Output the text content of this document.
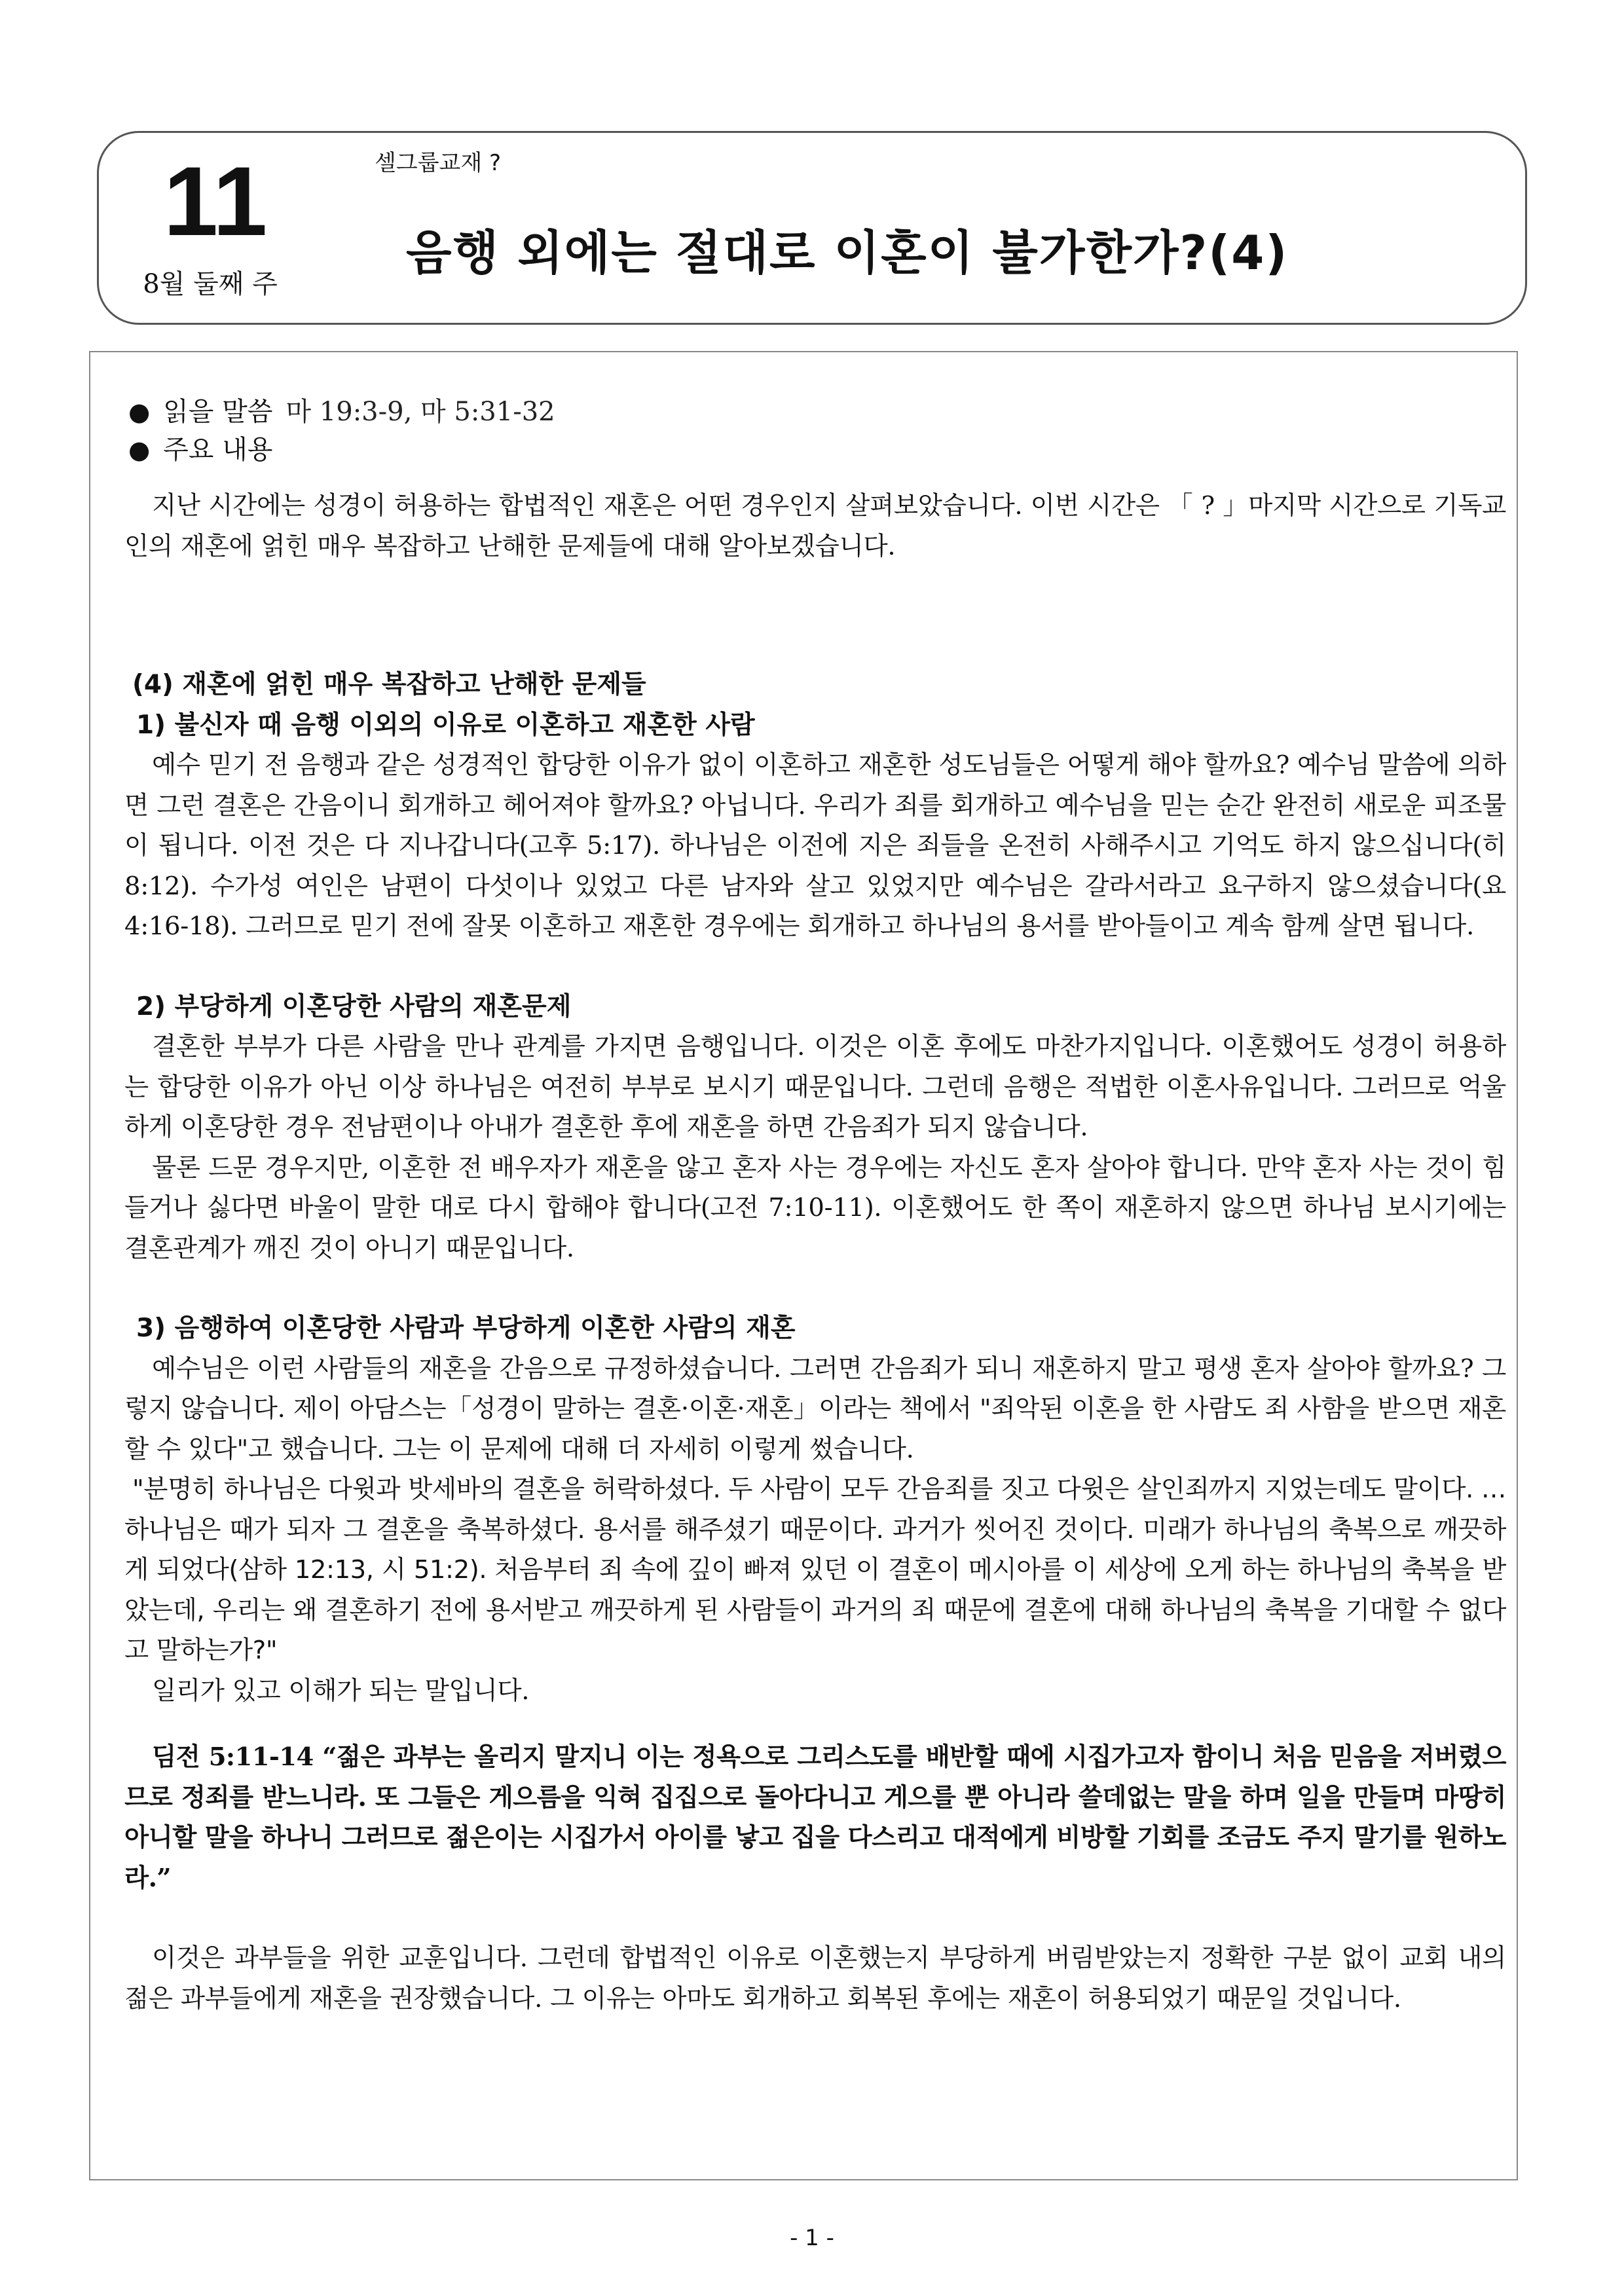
11
8월 둘째 주
셀그룹교재 ?
음행 외에는 절대로 이혼이 불가한가?(4)
● 읽을 말씀 마 19:3-9, 마 5:31-32
● 주요 내용

지난 시간에는 성경이 허용하는 합법적인 재혼은 어떤 경우인지 살펴보았습니다. 이번 시간은 「 ? 」마지막 시간으로 기독교인의 재혼에 얽힌 매우 복잡하고 난해한 문제들에 대해 알아보겠습니다.

(4) 재혼에 얽힌 매우 복잡하고 난해한 문제들

1) 불신자 때 음행 이외의 이유로 이혼하고 재혼한 사람

예수 믿기 전 음행과 같은 성경적인 합당한 이유가 없이 이혼하고 재혼한 성도님들은 어떻게 해야 할까요? 예수님 말씀에 의하면 그런 결혼은 간음이니 회개하고 헤어져야 할까요? 아닙니다. 우리가 죄를 회개하고 예수님을 믿는 순간 완전히 새로운 피조물이 됩니다. 이전 것은 다 지나갑니다(고후 5:17). 하나님은 이전에 지은 죄들을 온전히 사해주시고 기억도 하지 않으십니다(히 8:12). 수가성 여인은 남편이 다섯이나 있었고 다른 남자와 살고 있었지만 예수님은 갈라서라고 요구하지 않으셨습니다(요 4:16-18). 그러므로 믿기 전에 잘못 이혼하고 재혼한 경우에는 회개하고 하나님의 용서를 받아들이고 계속 함께 살면 됩니다.

2) 부당하게 이혼당한 사람의 재혼문제

결혼한 부부가 다른 사람을 만나 관계를 가지면 음행입니다. 이것은 이혼 후에도 마찬가지입니다. 이혼했어도 성경이 허용하는 합당한 이유가 아닌 이상 하나님은 여전히 부부로 보시기 때문입니다. 그런데 음행은 적법한 이혼사유입니다. 그러므로 억울하게 이혼당한 경우 전남편이나 아내가 결혼한 후에 재혼을 하면 간음죄가 되지 않습니다.

물론 드문 경우지만, 이혼한 전 배우자가 재혼을 않고 혼자 사는 경우에는 자신도 혼자 살아야 합니다. 만약 혼자 사는 것이 힘들거나 싫다면 바울이 말한 대로 다시 합해야 합니다(고전 7:10-11). 이혼했어도 한 쪽이 재혼하지 않으면 하나님 보시기에는 결혼관계가 깨진 것이 아니기 때문입니다.

3) 음행하여 이혼당한 사람과 부당하게 이혼한 사람의 재혼

예수님은 이런 사람들의 재혼을 간음으로 규정하셨습니다. 그러면 간음죄가 되니 재혼하지 말고 평생 혼자 살아야 할까요? 그렇지 않습니다. 제이 아담스는「성경이 말하는 결혼·이혼·재혼」이라는 책에서 "죄악된 이혼을 한 사람도 죄 사함을 받으면 재혼할 수 있다"고 했습니다. 그는 이 문제에 대해 더 자세히 이렇게 썼습니다.

"분명히 하나님은 다윗과 밧세바의 결혼을 허락하셨다. 두 사람이 모두 간음죄를 짓고 다윗은 살인죄까지 지었는데도 말이다. … 하나님은 때가 되자 그 결혼을 축복하셨다. 용서를 해주셨기 때문이다. 과거가 씻어진 것이다. 미래가 하나님의 축복으로 깨끗하게 되었다(삼하 12:13, 시 51:2). 처음부터 죄 속에 깊이 빠져 있던 이 결혼이 메시아를 이 세상에 오게 하는 하나님의 축복을 받았는데, 우리는 왜 결혼하기 전에 용서받고 깨끗하게 된 사람들이 과거의 죄 때문에 결혼에 대해 하나님의 축복을 기대할 수 없다고 말하는가?"

일리가 있고 이해가 되는 말입니다.

딤전 5:11-14 “젊은 과부는 올리지 말지니 이는 정욕으로 그리스도를 배반할 때에 시집가고자 함이니 처음 믿음을 저버렸으므로 정죄를 받느니라. 또 그들은 게으름을 익혀 집집으로 돌아다니고 게으를 뿐 아니라 쓸데없는 말을 하며 일을 만들며 마땅히 아니할 말을 하나니 그러므로 젊은이는 시집가서 아이를 낳고 집을 다스리고 대적에게 비방할 기회를 조금도 주지 말기를 원하노라.”

이것은 과부들을 위한 교훈입니다. 그런데 합법적인 이유로 이혼했는지 부당하게 버림받았는지 정확한 구분 없이 교회 내의 젊은 과부들에게 재혼을 권장했습니다. 그 이유는 아마도 회개하고 회복된 후에는 재혼이 허용되었기 때문일 것입니다.

- 1 -
